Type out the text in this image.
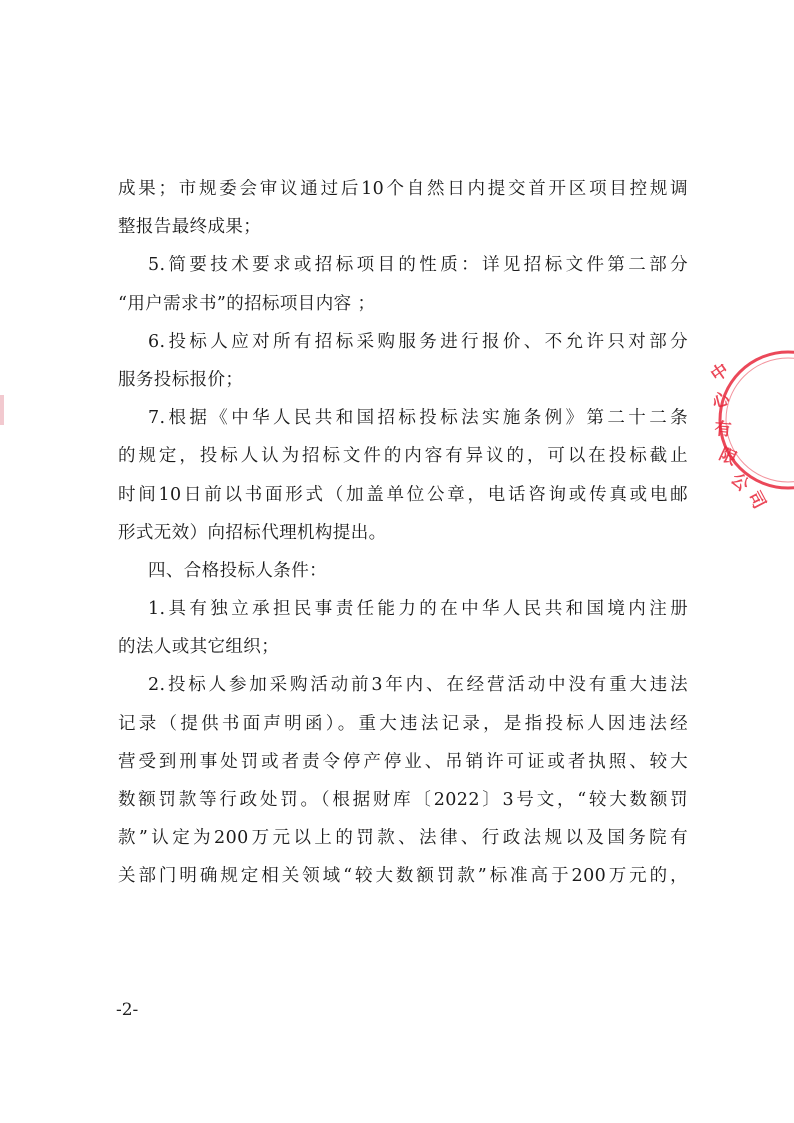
成果；市规委会审议通过后10个自然日内提交首开区项目控规调
整报告最终成果；
5.简要技术要求或招标项目的性质：详见招标文件第二部分
“用户需求书”的招标项目内容 ；
6.投标人应对所有招标采购服务进行报价、不允许只对部分
服务投标报价；
7.根据《中华人民共和国招标投标法实施条例》第二十二条
的规定，投标人认为招标文件的内容有异议的，可以在投标截止
时间10日前以书面形式（加盖单位公章，电话咨询或传真或电邮
形式无效）向招标代理机构提出。
四、合格投标人条件：
1.具有独立承担民事责任能力的在中华人民共和国境内注册
的法人或其它组织；
2.投标人参加采购活动前3年内、在经营活动中没有重大违法
记录（提供书面声明函）。重大违法记录，是指投标人因违法经
营受到刑事处罚或者责令停产停业、吊销许可证或者执照、较大
数额罚款等行政处罚。（根据财库〔2022〕3号文，“较大数额罚
款”认定为200万元以上的罚款、法律、行政法规以及国务院有
关部门明确规定相关领域“较大数额罚款”标准高于200万元的，
-2-
中
心
有
限
公
司
